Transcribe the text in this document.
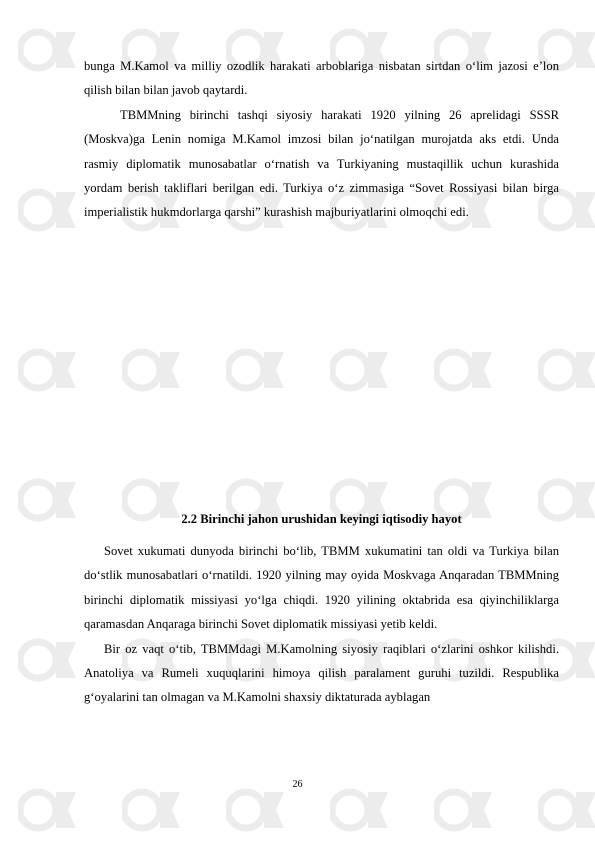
bunga M.Kamol va milliy ozodlik harakati arboblariga nisbatan sirtdan o‘lim jazosi e’lon qilish bilan bilan javob qaytardi.

TBMMning birinchi tashqi siyosiy harakati 1920 yilning 26 aprelidagi SSSR (Moskva)ga Lenin nomiga M.Kamol imzosi bilan jo‘natilgan murojatda aks etdi. Unda rasmiy diplomatik munosabatlar o‘rnatish va Turkiyaning mustaqillik uchun kurashida yordam berish takliflari berilgan edi. Turkiya o‘z zimmasiga “Sovet Rossiyasi bilan birga imperialistik hukmdorlarga qarshi” kurashish majburiyatlarini olmoqchi edi.

2.2 Birinchi jahon urushidan keyingi iqtisodiy hayot

Sovet xukumati dunyoda birinchi bo‘lib, TBMM xukumatini tan oldi va Turkiya bilan do‘stlik munosabatlari o‘rnatildi. 1920 yilning may oyida Moskvaga Anqaradan TBMMning birinchi diplomatik missiyasi yo‘lga chiqdi. 1920 yilining oktabrida esa qiyinchiliklarga qaramasdan Anqaraga birinchi Sovet diplomatik missiyasi yetib keldi.

Bir oz vaqt o‘tib, TBMMdagi M.Kamolning siyosiy raqiblari o‘zlarini oshkor kilishdi. Anatoliya va Rumeli xuquqlarini himoya qilish paralament guruhi tuzildi. Respublika g‘oyalarini tan olmagan va M.Kamolni shaxsiy diktaturada ayblagan

26
